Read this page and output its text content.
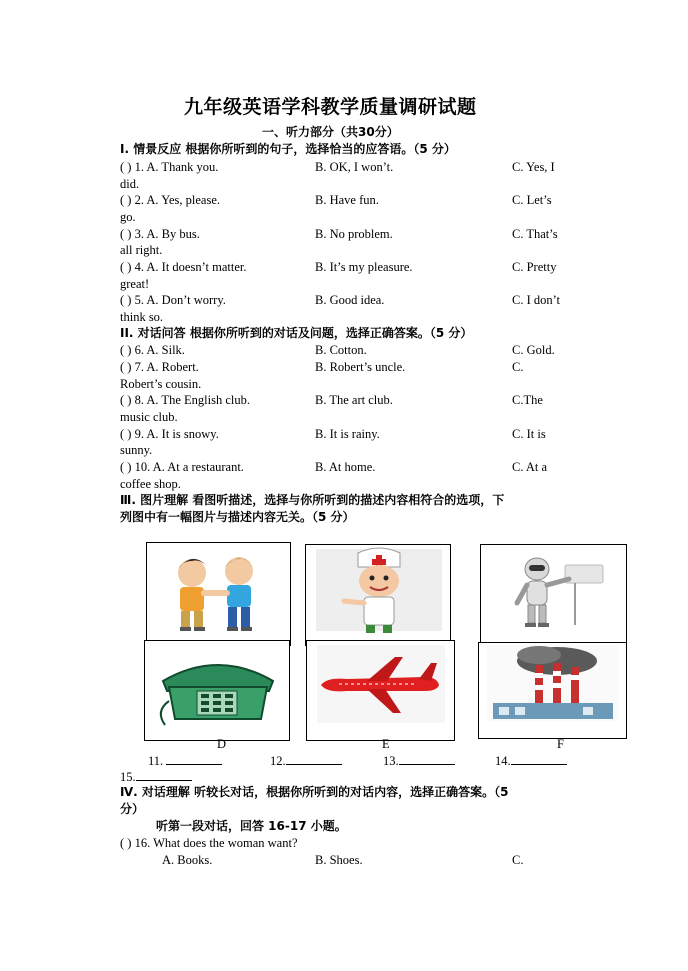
九年级英语学科教学质量调研试题
一、听力部分（共30分）
I. 情景反应 根据你所听到的句子，选择恰当的应答语。（5 分）
( ) 1. A. Thank you.	B. OK, I won’t.	C. Yes, I
did.
( ) 2. A. Yes, please.	B. Have fun.	C. Let’s
go.
( ) 3. A. By bus.	B. No problem.	C. That’s
all right.
( ) 4. A. It doesn’t matter.	B. It’s my pleasure.	C. Pretty
great!
( ) 5. A. Don’t worry.	B. Good idea.	C. I don’t
think so.
II. 对话问答 根据你所听到的对话及问题，选择正确答案。（5 分）
( ) 6. A. Silk.	B. Cotton.	C. Gold.
( ) 7. A. Robert.	B. Robert’s uncle.	C.
Robert’s cousin.
( ) 8. A. The English club.	B. The art club.	C.The
music club.
( ) 9. A. It is snowy.	B. It is rainy.	C. It is
sunny.
( ) 10. A. At a restaurant.	B. At home.	C. At a
coffee shop.
Ⅲ. 图片理解 看图听描述，选择与你所听到的描述内容相符合的选项，下
列图中有一幅图片与描述内容无关。（5 分）
D	E	F
11.	12.	13.	14.
15.
Ⅳ. 对话理解 听较长对话，根据你所听到的对话内容，选择正确答案。（5
分）
听第一段对话，回答 16-17 小题。
( ) 16. What does the woman want?
A. Books.	B. Shoes.	C.
